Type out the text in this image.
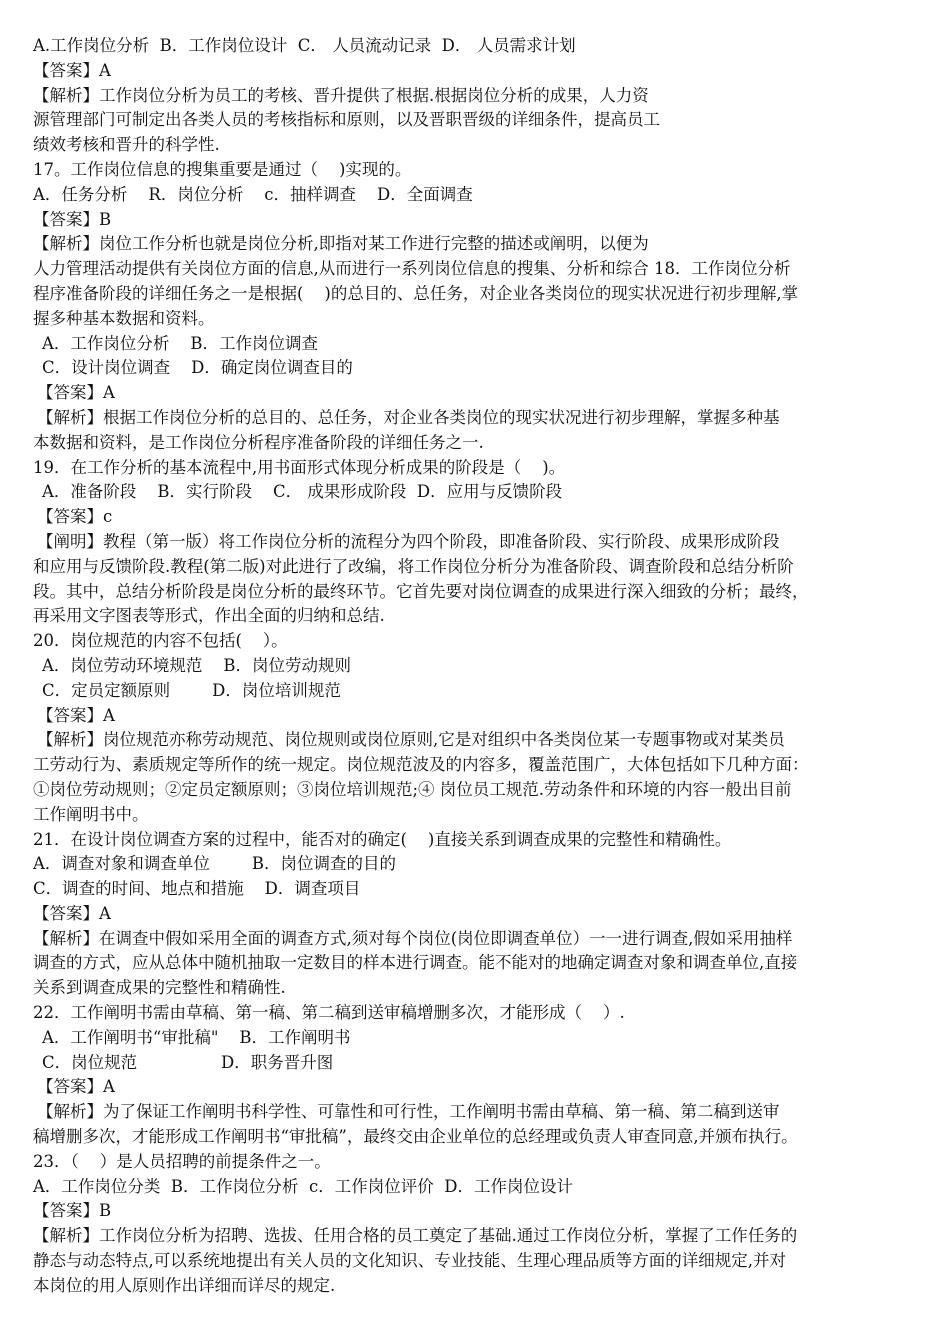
A.工作岗位分析  B．工作岗位设计  C． 人员流动记录  D． 人员需求计划
【答案】A
【解析】工作岗位分析为员工的考核、晋升提供了根据.根据岗位分析的成果，人力资
源管理部门可制定出各类人员的考核指标和原则，以及晋职晋级的详细条件，提高员工
绩效考核和晋升的科学性.
17。工作岗位信息的搜集重要是通过（    )实现的。
A．任务分析    R．岗位分析    c．抽样调查    D．全面调查
【答案】B
【解析】岗位工作分析也就是岗位分析,即指对某工作进行完整的描述或阐明，以便为
人力管理活动提供有关岗位方面的信息,从而进行一系列岗位信息的搜集、分析和综合 18．工作岗位分析
程序准备阶段的详细任务之一是根据(    )的总目的、总任务，对企业各类岗位的现实状况进行初步理解,掌
握多种基本数据和资料。
A．工作岗位分析    B．工作岗位调查
C．设计岗位调查    D．确定岗位调查目的
【答案】A
【解析】根据工作岗位分析的总目的、总任务，对企业各类岗位的现实状况进行初步理解，掌握多种基
本数据和资料，是工作岗位分析程序准备阶段的详细任务之一.
19．在工作分析的基本流程中,用书面形式体现分析成果的阶段是（    )。
A．准备阶段    B．实行阶段    C． 成果形成阶段  D．应用与反馈阶段
【答案】c
【阐明】教程（第一版）将工作岗位分析的流程分为四个阶段，即准备阶段、实行阶段、成果形成阶段
和应用与反馈阶段.教程(第二版)对此进行了改编，将工作岗位分析分为准备阶段、调查阶段和总结分析阶
段。其中，总结分析阶段是岗位分析的最终环节。它首先要对岗位调查的成果进行深入细致的分析；最终，
再采用文字图表等形式，作出全面的归纳和总结.
20．岗位规范的内容不包括(    ）。
A．岗位劳动环境规范    B．岗位劳动规则
C．定员定额原则        D．岗位培训规范
【答案】A
【解析】岗位规范亦称劳动规范、岗位规则或岗位原则,它是对组织中各类岗位某一专题事物或对某类员
工劳动行为、素质规定等所作的统一规定。岗位规范波及的内容多，覆盖范围广，大体包括如下几种方面：
①岗位劳动规则；②定员定额原则；③岗位培训规范;④ 岗位员工规范.劳动条件和环境的内容一般出目前
工作阐明书中。
21．在设计岗位调查方案的过程中，能否对的确定(    )直接关系到调查成果的完整性和精确性。
A．调查对象和调查单位        B．岗位调查的目的
C．调查的时间、地点和措施    D．调查项目
【答案】A
【解析】在调查中假如采用全面的调查方式,须对每个岗位(岗位即调查单位）一一进行调查,假如采用抽样
调查的方式，应从总体中随机抽取一定数目的样本进行调查。能不能对的地确定调查对象和调查单位,直接
关系到调查成果的完整性和精确性.
22．工作阐明书需由草稿、第一稿、第二稿到送审稿增删多次，才能形成（    ）.
A．工作阐明书“审批稿"    B．工作阐明书
C．岗位规范                D．职务晋升图
【答案】A
【解析】为了保证工作阐明书科学性、可靠性和可行性，工作阐明书需由草稿、第一稿、第二稿到送审
稿增删多次，才能形成工作阐明书“审批稿”，最终交由企业单位的总经理或负责人审查同意,并颁布执行。
23．（    ）是人员招聘的前提条件之一。
A．工作岗位分类  B．工作岗位分析  c．工作岗位评价  D．工作岗位设计
【答案】B
【解析】工作岗位分析为招聘、选拔、任用合格的员工奠定了基础.通过工作岗位分析，掌握了工作任务的
静态与动态特点,可以系统地提出有关人员的文化知识、专业技能、生理心理品质等方面的详细规定,并对
本岗位的用人原则作出详细而详尽的规定.
